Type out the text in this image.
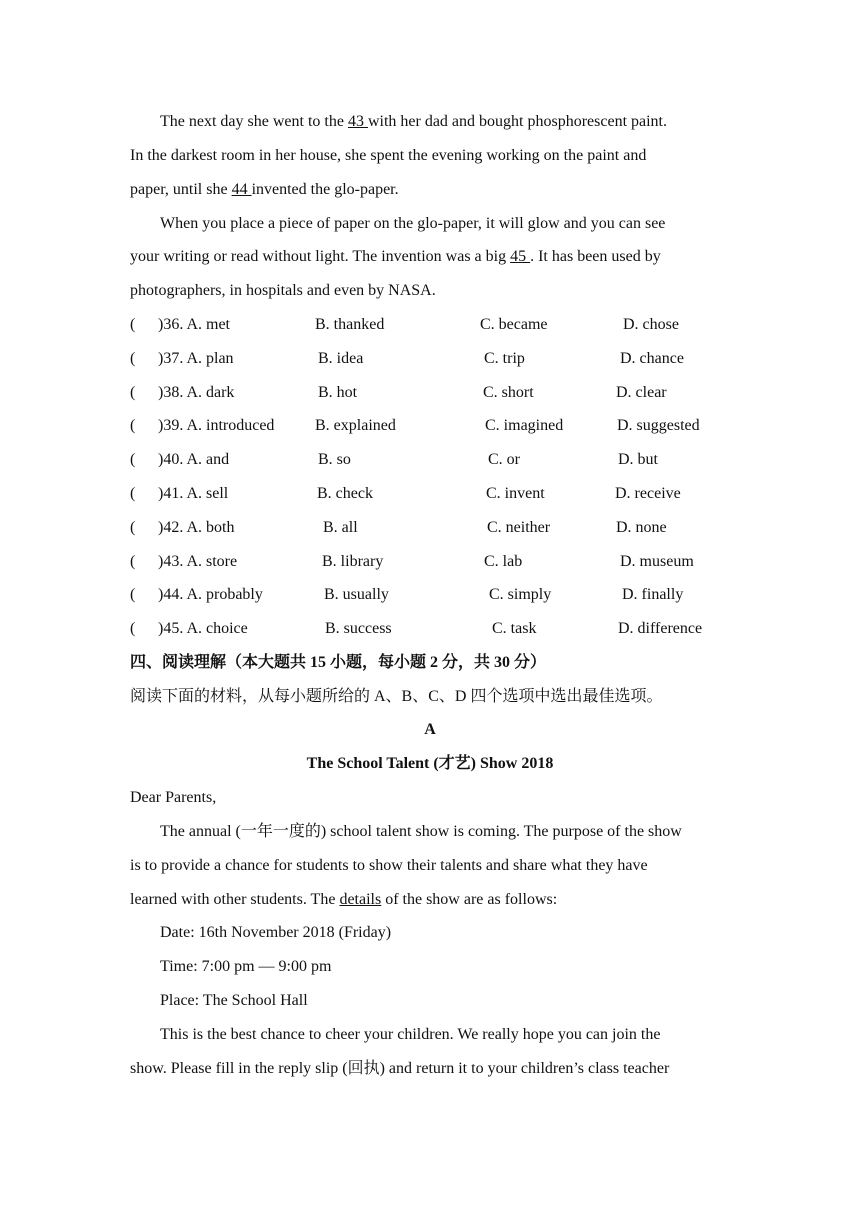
The next day she went to the 43 with her dad and bought phosphorescent paint.
In the darkest room in her house, she spent the evening working on the paint and
paper, until she 44 invented the glo-paper.
When you place a piece of paper on the glo-paper, it will glow and you can see
your writing or read without light. The invention was a big 45 . It has been used by
photographers, in hospitals and even by NASA.
( )36. A. met	B. thanked	C. became	D. chose
( )37. A. plan	B. idea	C. trip	D. chance
( )38. A. dark	B. hot	C. short	D. clear
( )39. A. introduced	B. explained	C. imagined	D. suggested
( )40. A. and	B. so	C. or	D. but
( )41. A. sell	B. check	C. invent	D. receive
( )42. A. both	B. all	C. neither	D. none
( )43. A. store	B. library	C. lab	D. museum
( )44. A. probably	B. usually	C. simply	D. finally
( )45. A. choice	B. success	C. task	D. difference
四、阅读理解（本大题共 15 小题，每小题 2 分，共 30 分）
阅读下面的材料，从每小题所给的 A、B、C、D 四个选项中选出最佳选项。
A
The School Talent (才艺) Show 2018
Dear Parents,
The annual (一年一度的) school talent show is coming. The purpose of the show
is to provide a chance for students to show their talents and share what they have
learned with other students. The details of the show are as follows:
Date: 16th November 2018 (Friday)
Time: 7:00 pm — 9:00 pm
Place: The School Hall
This is the best chance to cheer your children. We really hope you can join the
show. Please fill in the reply slip (回执) and return it to your children’s class teacher
